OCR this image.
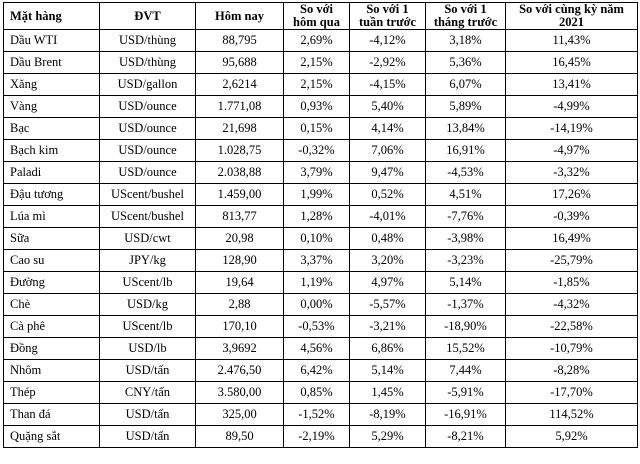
Mặt hàng	ĐVT	Hôm nay	So với hôm qua	So với 1 tuần trước	So với 1 tháng trước	So với cùng kỳ năm 2021
Dầu WTI	USD/thùng	88,795	2,69%	-4,12%	3,18%	11,43%
Dầu Brent	USD/thùng	95,688	2,15%	-2,92%	5,36%	16,45%
Xăng	USD/gallon	2,6214	2,15%	-4,15%	6,07%	13,41%
Vàng	USD/ounce	1.771,08	0,93%	5,40%	5,89%	-4,99%
Bạc	USD/ounce	21,698	0,15%	4,14%	13,84%	-14,19%
Bạch kim	USD/ounce	1.028,75	-0,32%	7,06%	16,91%	-4,97%
Paladi	USD/ounce	2.038,88	3,79%	9,47%	-4,53%	-3,32%
Đậu tương	UScent/bushel	1.459,00	1,99%	0,52%	4,51%	17,26%
Lúa mì	UScent/bushel	813,77	1,28%	-4,01%	-7,76%	-0,39%
Sữa	USD/cwt	20,98	0,10%	0,48%	-3,98%	16,49%
Cao su	JPY/kg	128,90	3,37%	3,20%	-3,23%	-25,79%
Đường	UScent/lb	19,64	1,19%	4,97%	5,14%	-1,85%
Chè	USD/kg	2,88	0,00%	-5,57%	-1,37%	-4,32%
Cà phê	UScent/lb	170,10	-0,53%	-3,21%	-18,90%	-22,58%
Đồng	USD/lb	3,9692	4,56%	6,86%	15,52%	-10,79%
Nhôm	USD/tấn	2.476,50	6,42%	5,14%	7,44%	-8,28%
Thép	CNY/tấn	3.580,00	0,85%	1,45%	-5,91%	-17,70%
Than đá	USD/tấn	325,00	-1,52%	-8,19%	-16,91%	114,52%
Quặng sắt	USD/tấn	89,50	-2,19%	5,29%	-8,21%	5,92%
